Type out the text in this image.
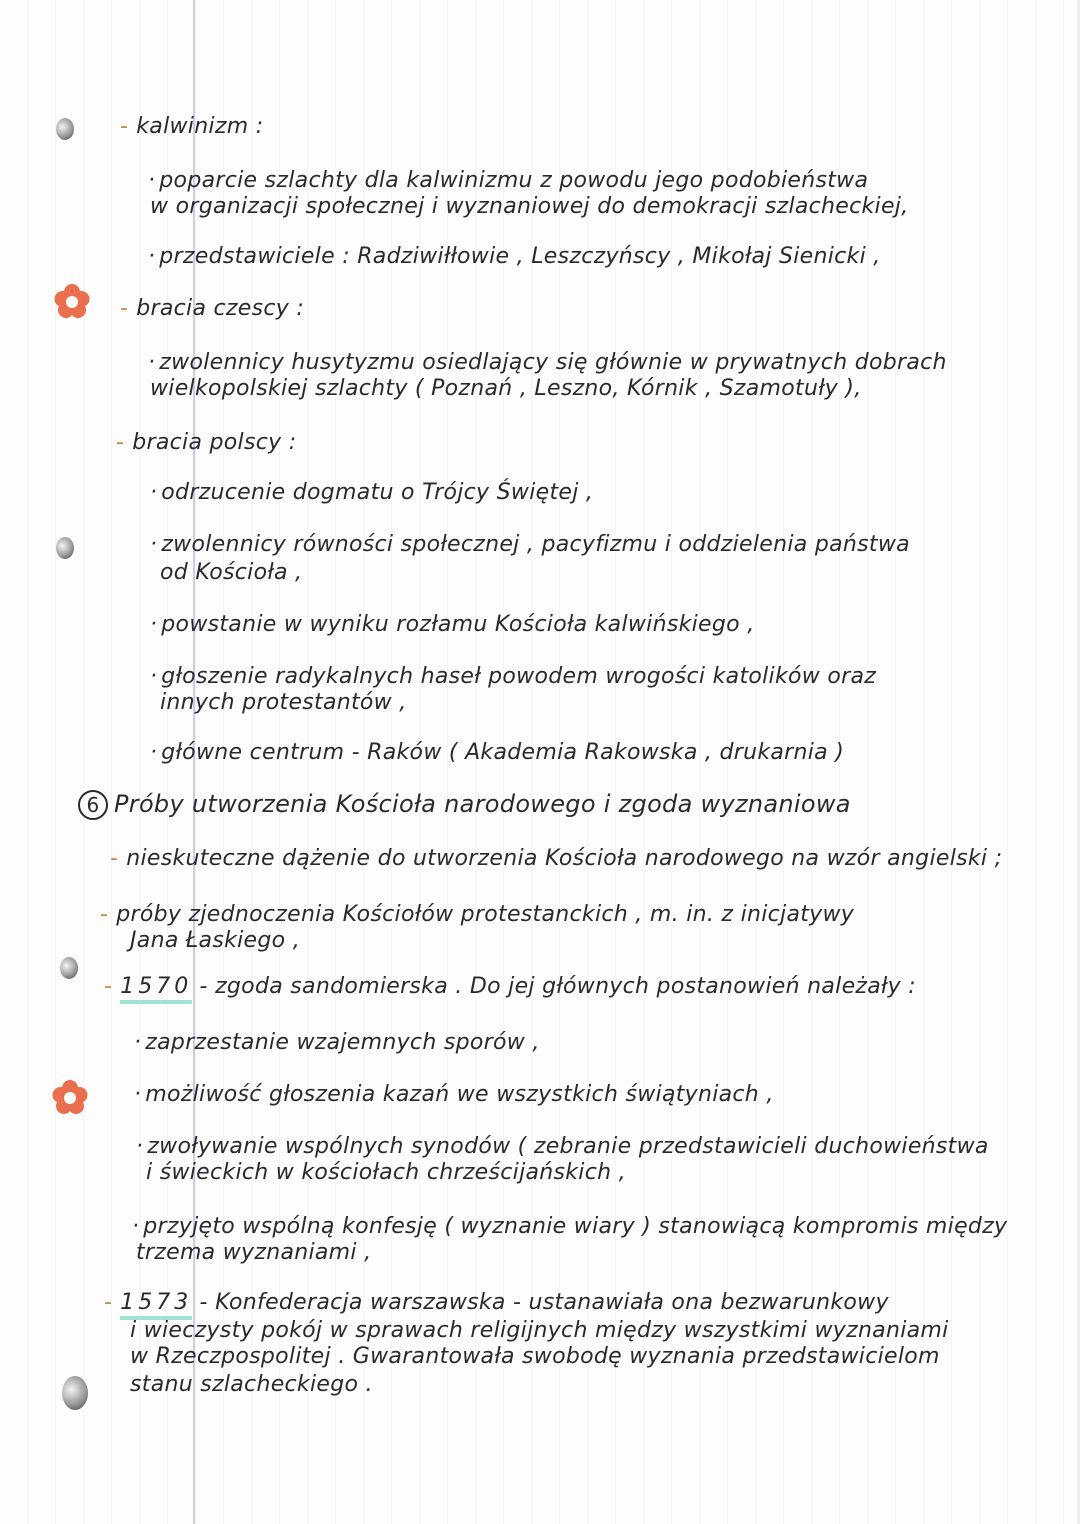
- kalwinizm :
· poparcie szlachty dla kalwinizmu z powodu jego podobieństwa
w organizacji społecznej i wyznaniowej do demokracji szlacheckiej,
· przedstawiciele : Radziwiłłowie , Leszczyńscy , Mikołaj Sienicki ,
- bracia czescy :
· zwolennicy husytyzmu osiedlający się głównie w prywatnych dobrach
wielkopolskiej szlachty ( Poznań , Leszno, Kórnik , Szamotuły ),
- bracia polscy :
· odrzucenie dogmatu o Trójcy Świętej ,
· zwolennicy równości społecznej , pacyfizmu i oddzielenia państwa
od Kościoła ,
· powstanie w wyniku rozłamu Kościoła kalwińskiego ,
· głoszenie radykalnych haseł powodem wrogości katolików oraz
innych protestantów ,
· główne centrum - Raków ( Akademia Rakowska , drukarnia )
6 Próby utworzenia Kościoła narodowego i zgoda wyznaniowa
- nieskuteczne dążenie do utworzenia Kościoła narodowego na wzór angielski ;
- próby zjednoczenia Kościołów protestanckich , m. in. z inicjatywy
Jana Łaskiego ,
- 1570 - zgoda sandomierska . Do jej głównych postanowień należały :
· zaprzestanie wzajemnych sporów ,
· możliwość głoszenia kazań we wszystkich świątyniach ,
· zwoływanie wspólnych synodów ( zebranie przedstawicieli duchowieństwa
i świeckich w kościołach chrześcijańskich ,
· przyjęto wspólną konfesję ( wyznanie wiary ) stanowiącą kompromis między
trzema wyznaniami ,
- 1573 - Konfederacja warszawska - ustanawiała ona bezwarunkowy
i wieczysty pokój w sprawach religijnych między wszystkimi wyznaniami
w Rzeczpospolitej . Gwarantowała swobodę wyznania przedstawicielom
stanu szlacheckiego .
